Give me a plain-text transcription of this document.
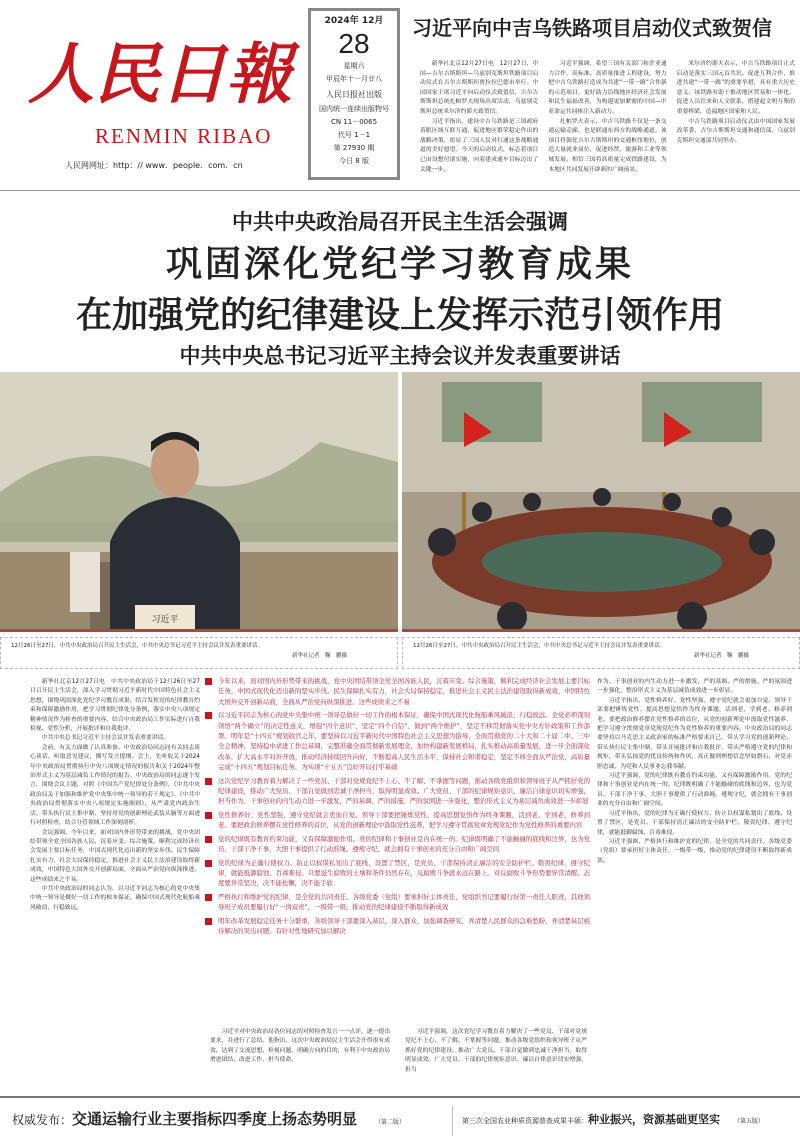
人民日報
RENMIN RIBAO
人民网网址：http：// www．people．com．cn
2024年 12月
28
星期六
甲辰年十一月廿八
人民日报社出版
国内统一连续出版物号
CN 11－0065
代号 1－1
第 27930 期
今日 8 版
习近平向中吉乌铁路项目启动仪式致贺信

新华社北京12月27日电　12月27日，中国—吉尔吉斯斯坦—乌兹别克斯坦铁路项目启动仪式在吉尔吉斯斯坦贾拉拉巴德市举行。中国国家主席习近平向启动仪式致贺信，吉尔吉斯斯坦总统扎帕罗夫现场出席活动，乌兹别克斯坦总统米尔济约耶夫致贺信。

习近平指出，建设中吉乌铁路是三国政府着眼区域互联互通、促进地区繁荣稳定作出的战略决策，彰显了三国人民对打通这条战略通道的美好愿望。今天的启动仪式，标志着项目已由设想付诸实施，向着建成通车目标迈出了关键一步。

习近平强调，希望三国有关部门和企业通力合作，高标准、高质量推进工程建设，努力把中吉乌铁路打造成为共建“一带一路”合作新的示范项目，更好助力沿线地区经济社会发展和民生福祉改善，为构建更加紧密的中国—中亚命运共同体注入新动力。

扎帕罗夫表示，中吉乌铁路不仅是一条交通运输走廊，也是联通东西方的战略通道。该项目将强化吉尔吉斯斯坦的交通枢纽地位，创造大量就业岗位，促进经贸、旅游和工业等领域发展。相信三国将高质量完成铁路建设，为本地区共同发展开辟新的广阔前景。

米尔济约耶夫表示，中吉乌铁路项目正式启动是落实三国元首共识、促进互利合作、推进共建“一带一路”的重要举措，具有重大历史意义。该铁路有助于推动地区贸易和一体化，促进人员往来和人文联系，搭建起文明互鉴的重要桥梁，造福地区国家和人民。

中吉乌铁路项目启动仪式由中国国家发展改革委、吉尔吉斯斯坦交通和通信部、乌兹别克斯坦交通部共同举办。

中共中央政治局召开民主生活会强调
巩固深化党纪学习教育成果
在加强党的纪律建设上发挥示范引领作用
中共中央总书记习近平主持会议并发表重要讲话
习近平
12月26日至27日，中共中央政治局召开民主生活会，中共中央总书记习近平主持会议并发表重要讲话。
新华社记者　鞠　鹏摄
12月26日至27日，中共中央政治局召开民主生活会，中共中央总书记习近平主持会议并发表重要讲话。
新华社记者　鞠　鹏摄

新华社北京12月27日电　中共中央政治局于12月26日至27日召开民主生活会，深入学习贯彻习近平新时代中国特色社会主义思想，围绕巩固深化党纪学习教育成果、结合发挥党的纪律教育约束和保障激励作用，把学习贯彻纪律处分条例、落实中央八项规定精神情况作为检查的重要内容，结合中央政治局工作实际进行自我检视、党性分析，开展批评和自我批评。

中共中央总书记习近平主持会议并发表重要讲话。

会前，有关方面做了认真准备。中央政治局同志同有关同志谈心谈话，听取意见建议，撰写发言提纲。会上，先听取关于2024年中央政治局贯彻执行中央八项规定情况的报告和关于2024年整治形式主义为基层减负工作情况的报告。中央政治局的同志逐个发言，围绕会议主题，对照《中国共产党纪律处分条例》、《中共中央政治局关于加强和维护党中央集中统一领导的若干规定》、《中共中央政治局贯彻落实中央八项规定实施细则》，从严肃党内政治生活、带头执行民主集中制、坚持用党的创新理论武装头脑等方面进行对照检查，结合分管领域工作深刻剖析。

会议强调，今年以来，面对国内外形势带来的挑战，党中央团结带领全党全国各族人民，沉着应变、综合施策，顺利完成经济社会发展主要目标任务，中国式现代化迈出新的坚实步伐。民生保障扎实有力，社会大局保持稳定，推进社会主义民主法治建设取得新成效，中国特色大国外交开创新局面，全面从严治党向纵深推进。这些成绩来之不易。

中共中央政治局的同志认为，以习近平同志为核心的党中央集中统一领导是做好一切工作的根本保证，确保中国式现代化航船乘风破浪、行稳致远。

今年以来，面对国内外形势带来的挑战，党中央团结带领全党全国各族人民，沉着应变、综合施策，顺利完成经济社会发展主要目标任务，中国式现代化迈出新的坚实步伐。民生保障扎实有力，社会大局保持稳定，推进社会主义民主法治建设取得新成效，中国特色大国外交开创新局面，全面从严治党向纵深推进。这些成绩来之不易
以习近平同志为核心的党中央集中统一领导是做好一切工作的根本保证，确保中国式现代化航船乘风破浪、行稳致远。全党必须深刻领悟“两个确立”的决定性意义，增强“四个意识”、坚定“四个自信”、做到“两个维护”，坚定不移贯彻落实党中央方针政策和工作部署。明年是“十四五”规划收官之年，要坚持以习近平新时代中国特色社会主义思想为指导，全面贯彻党的二十大和二十届二中、三中全会精神，坚持稳中求进工作总基调，完整准确全面贯彻新发展理念，加快构建新发展格局，扎实推动高质量发展，进一步全面深化改革，扩大高水平对外开放，推动经济持续回升向好，不断提高人民生活水平，保持社会和谐稳定，坚定不移全面从严治党，高质量完成“十四五”规划目标任务，为实现“十五五”良好开局打牢基础
这次党纪学习教育着力解决了一些党员、干部对党规党纪不上心、不了解、不掌握等问题，推动各级党组织和领导班子从严抓好党的纪律建设，推动广大党员、干部自觉做到忠诚干净担当，取得明显成效。广大党员、干部的纪律规矩意识、廉洁自律意识切实增强，担当作为、干事创业的内生动力进一步激发，严的基调、严的措施、严的氛围进一步强化，整治形式主义为基层减负成效进一步彰显
党性修养好、党性坚强，遵守党纪就会更加自觉。领导干部要把锤炼党性、提高思想觉悟作为终身课题，活到老、学到老、修养到老。要把政治修养摆在党性修养的首位，从党的创新理论中汲取党性滋养，把学习遵守贯彻党章党规党纪作为党性修养的重要内容
党的纪律既有教育约束功能，又有保障激励作用。党的纪律和干事创业是内在统一的。纪律既明确了不能触碰的底线和边界，也为党员、干部干净干事、大胆干事提供了行动准绳。遵规守纪，就会拥有干事创业的充分自由和广阔空间
党的纪律为正确行使权力、防止以权谋私划出了底线、设置了禁区，是党员、干部保持清正廉洁的安全防护栏。敬畏纪律、遵守纪律，就能抵御腐蚀、百毒难侵。只要滋生腐败的土壤和条件仍然存在，反腐败斗争就永远在路上。对反腐败斗争形势要异常清醒、态度要异常坚决，决不能松懈，决不能手软
严格执行和维护党的纪律，是全党的共同责任。各级党委（党组）要承担好主体责任，党组织书记要履行好第一责任人职责，其他领导班子成员要履行好“一岗双责”，一级带一级，推动党的纪律建设不断取得新成效
明年改革发展稳定任务十分繁重，各级领导干部要深入基层、深入群众，加强调查研究，弄清楚人民群众的急难愁盼，弄清楚基层亟待解决的突出问题，有针对性地研究加以解决

习近平对中央政治局各位同志的对照检查发言一一点评，逐一提出要求，并进行了总结。他指出，这次中央政治局民主生活会开得很有成效，达到了交流思想、检视问题、明确方向的目的，有利于中央政治局增进团结、改进工作、担当使命。

习近平强调，这次党纪学习教育着力解决了一些党员、干部对党规党纪不上心、不了解、不掌握等问题，推动各级党组织和领导班子从严抓好党的纪律建设，推动广大党员、干部自觉做到忠诚干净担当，取得明显成效。广大党员、干部的纪律规矩意识、廉洁自律意识切实增强，担当

作为、干事创业的内生动力进一步激发，严的基调、严的措施、严的氛围进一步强化，整治形式主义为基层减负成效进一步彰显。

习近平指出，党性修养好、党性坚强，遵守党纪就会更加自觉。领导干部要把锤炼党性、提高思想觉悟作为终身课题，活到老、学到老、修养到老。要把政治修养摆在党性修养的首位，从党的创新理论中汲取党性滋养，把学习遵守贯彻党章党规党纪作为党性修养的重要内容。中央政治局的同志要坚持以马克思主义政治家的标准严格要求自己，带头学习党的创新理论，带头执行民主集中制，带头开展批评和自我批评，带头严格遵守党的纪律和规矩，带头弘扬党的优良传统和作风，真正做到理想信念坚如磐石，对党赤胆忠诚，为党和人民事业忘我奉献。

习近平强调，党的纪律既有教育约束功能，又有保障激励作用。党的纪律和干事创业是内在统一的。纪律既明确了不能触碰的底线和边界，也为党员、干部干净干事、大胆干事提供了行动准绳。遵规守纪，就会拥有干事创业的充分自由和广阔空间。

习近平指出，党的纪律为正确行使权力、防止以权谋私划出了底线、设置了禁区，是党员、干部保持清正廉洁的安全防护栏。敬畏纪律、遵守纪律，就能抵御腐蚀、百毒难侵。

习近平强调，严格执行和维护党的纪律，是全党的共同责任。各级党委（党组）要承担好主体责任，一级带一级，推动党的纪律建设不断取得新成效。

权威发布：交通运输行业主要指标四季度上扬态势明显	（第二版）	第三次全国农业种质资源普查成果丰硕：种业振兴，资源基础更坚实 （第五版）
